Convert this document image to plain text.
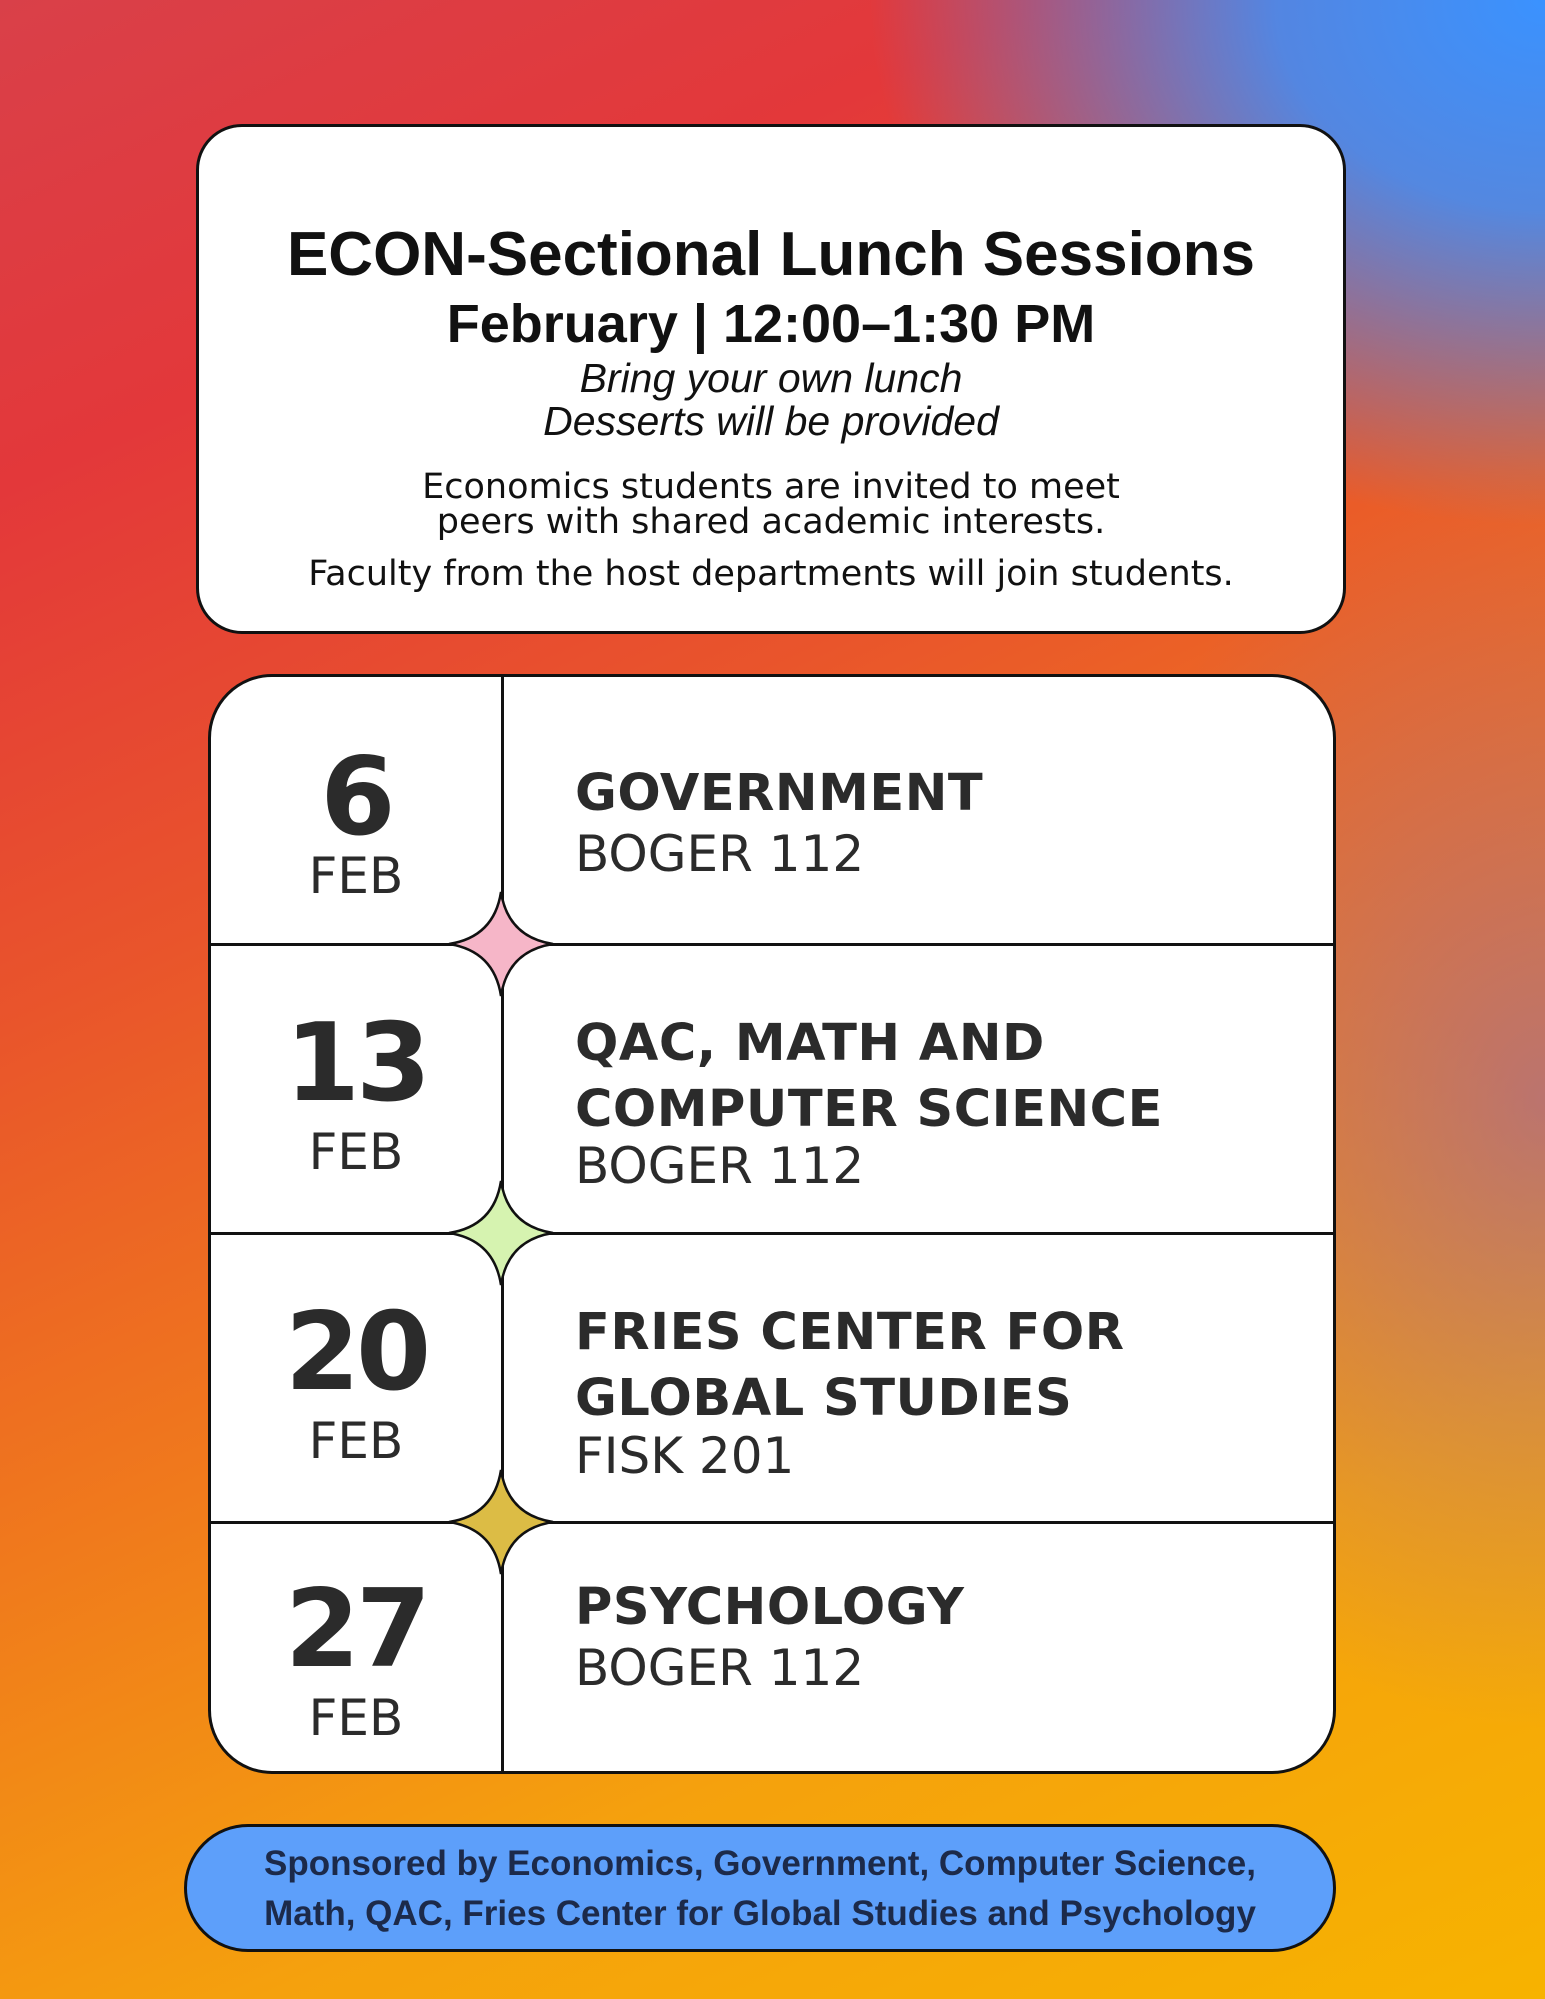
ECON-Sectional Lunch Sessions
February | 12:00–1:30 PM
Bring your own lunch
Desserts will be provided
Economics students are invited to meet
peers with shared academic interests.
Faculty from the host departments will join students.
6
FEB
GOVERNMENT
BOGER 112
13
FEB
QAC, MATH AND
COMPUTER SCIENCE
BOGER 112
20
FEB
FRIES CENTER FOR
GLOBAL STUDIES
FISK 201
27
FEB
PSYCHOLOGY
BOGER 112
Sponsored by Economics, Government, Computer Science,
Math, QAC, Fries Center for Global Studies and Psychology
